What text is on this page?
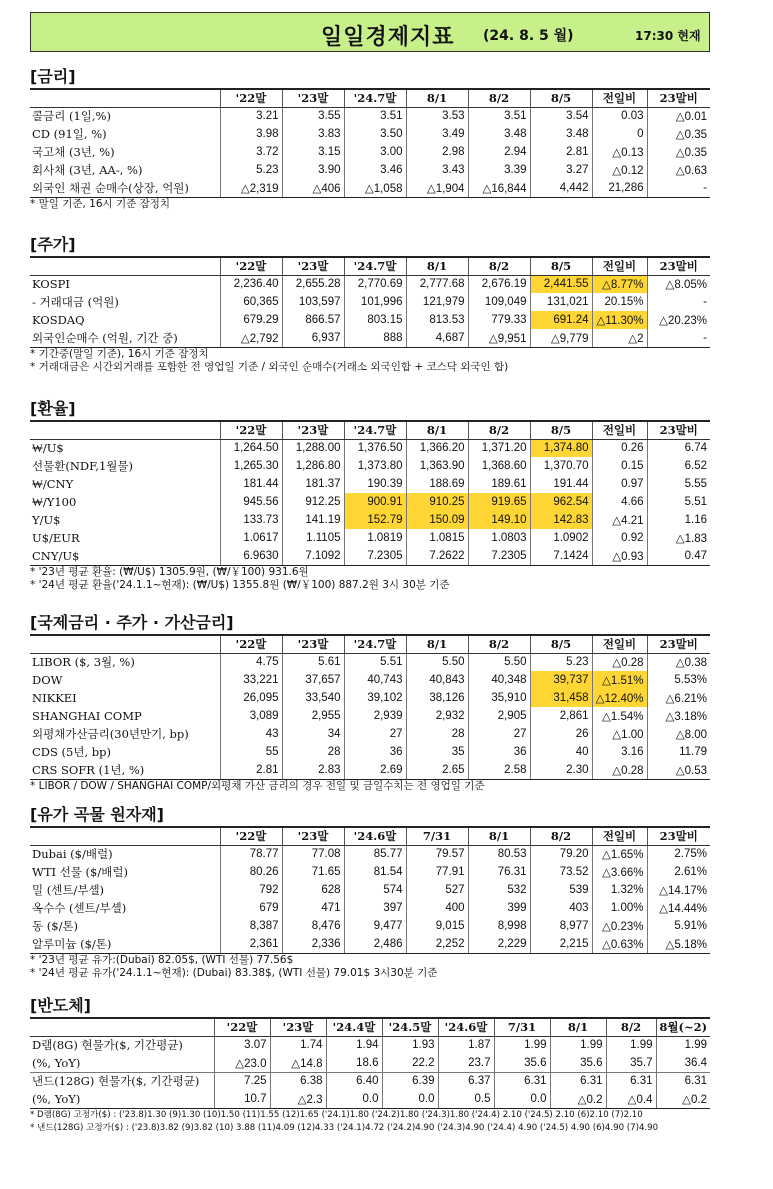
일일경제지표 (24. 8. 5 월)	17:30 현재
[금리]
	'22말	'23말	'24.7말	8/1	8/2	8/5	전일비	23말비
콜금리 (1일,%)	3.21	3.55	3.51	3.53	3.51	3.54	0.03	△0.01
CD (91일, %)	3.98	3.83	3.50	3.49	3.48	3.48	0	△0.35
국고채 (3년, %)	3.72	3.15	3.00	2.98	2.94	2.81	△0.13	△0.35
회사채 (3년, AA-, %)	5.23	3.90	3.46	3.43	3.39	3.27	△0.12	△0.63
외국인 채권 순매수(상장, 억원)	△2,319	△406	△1,058	△1,904	△16,844	4,442	21,286	-
* 말일 기준, 16시 기준 잠정치
[주가]
	'22말	'23말	'24.7말	8/1	8/2	8/5	전일비	23말비
KOSPI	2,236.40	2,655.28	2,770.69	2,777.68	2,676.19	2,441.55	△8.77%	△8.05%
- 거래대금 (억원)	60,365	103,597	101,996	121,979	109,049	131,021	20.15%	-
KOSDAQ	679.29	866.57	803.15	813.53	779.33	691.24	△11.30%	△20.23%
외국인순매수 (억원, 기간 중)	△2,792	6,937	888	4,687	△9,951	△9,779	△2	-
* 기간중(말일 기준), 16시 기준 잠정치
* 거래대금은 시간외거래를 포함한 전 영업일 기준 / 외국인 순매수(거래소 외국인합 + 코스닥 외국인 합)
[환율]
	'22말	'23말	'24.7말	8/1	8/2	8/5	전일비	23말비
₩/U$	1,264.50	1,288.00	1,376.50	1,366.20	1,371.20	1,374.80	0.26	6.74
선물환(NDF,1월물)	1,265.30	1,286.80	1,373.80	1,363.90	1,368.60	1,370.70	0.15	6.52
₩/CNY	181.44	181.37	190.39	188.69	189.61	191.44	0.97	5.55
₩/Y100	945.56	912.25	900.91	910.25	919.65	962.54	4.66	5.51
Y/U$	133.73	141.19	152.79	150.09	149.10	142.83	△4.21	1.16
U$/EUR	1.0617	1.1105	1.0819	1.0815	1.0803	1.0902	0.92	△1.83
CNY/U$	6.9630	7.1092	7.2305	7.2622	7.2305	7.1424	△0.93	0.47
* '23년 평균 환율: (₩/U$) 1305.9원, (₩/￥100) 931.6원
* '24년 평균 환율('24.1.1~현재): (₩/U$) 1355.8원 (₩/￥100) 887.2원 3시 30분 기준
[국제금리 · 주가 · 가산금리]
	'22말	'23말	'24.7말	8/1	8/2	8/5	전일비	23말비
LIBOR ($, 3월, %)	4.75	5.61	5.51	5.50	5.50	5.23	△0.28	△0.38
DOW	33,221	37,657	40,743	40,843	40,348	39,737	△1.51%	5.53%
NIKKEI	26,095	33,540	39,102	38,126	35,910	31,458	△12.40%	△6.21%
SHANGHAI COMP	3,089	2,955	2,939	2,932	2,905	2,861	△1.54%	△3.18%
외평채가산금리(30년만기, bp)	43	34	27	28	27	26	△1.00	△8.00
CDS (5년, bp)	55	28	36	35	36	40	3.16	11.79
CRS SOFR (1년, %)	2.81	2.83	2.69	2.65	2.58	2.30	△0.28	△0.53
* LIBOR / DOW / SHANGHAI COMP/외평채 가산 금리의 경우 전일 및 금일수치는 전 영업일 기준
[유가 곡물 원자재]
	'22말	'23말	'24.6말	7/31	8/1	8/2	전일비	23말비
Dubai ($/배럴)	78.77	77.08	85.77	79.57	80.53	79.20	△1.65%	2.75%
WTI 선물 ($/배럴)	80.26	71.65	81.54	77.91	76.31	73.52	△3.66%	2.61%
밀 (센트/부셸)	792	628	574	527	532	539	1.32%	△14.17%
옥수수 (센트/부셸)	679	471	397	400	399	403	1.00%	△14.44%
동 ($/톤)	8,387	8,476	9,477	9,015	8,998	8,977	△0.23%	5.91%
알루미늄 ($/톤)	2,361	2,336	2,486	2,252	2,229	2,215	△0.63%	△5.18%
* '23년 평균 유가:(Dubai) 82.05$, (WTI 선물) 77.56$
* '24년 평균 유가('24.1.1~현재): (Dubai) 83.38$, (WTI 선물) 79.01$ 3시30분 기준
[반도체]
	'22말	'23말	'24.4말	'24.5말	'24.6말	7/31	8/1	8/2	8월(~2)
D램(8G) 현물가($, 기간평균)	3.07	1.74	1.94	1.93	1.87	1.99	1.99	1.99	1.99
(%, YoY)	△23.0	△14.8	18.6	22.2	23.7	35.6	35.6	35.7	36.4
낸드(128G) 현물가($, 기간평균)	7.25	6.38	6.40	6.39	6.37	6.31	6.31	6.31	6.31
(%, YoY)	10.7	△2.3	0.0	0.0	0.5	0.0	△0.2	△0.4	△0.2
* D램(8G) 고정가($) : ('23.8)1.30 (9)1.30 (10)1.50 (11)1.55 (12)1.65 ('24.1)1.80 ('24.2)1.80 ('24.3)1.80 ('24.4) 2.10 ('24.5) 2.10 (6)2.10 (7)2.10
* 낸드(128G) 고정가($) : ('23.8)3.82 (9)3.82 (10) 3.88 (11)4.09 (12)4.33 ('24.1)4.72 ('24.2)4.90 ('24.3)4.90 ('24.4) 4.90 ('24.5) 4.90 (6)4.90 (7)4.90
